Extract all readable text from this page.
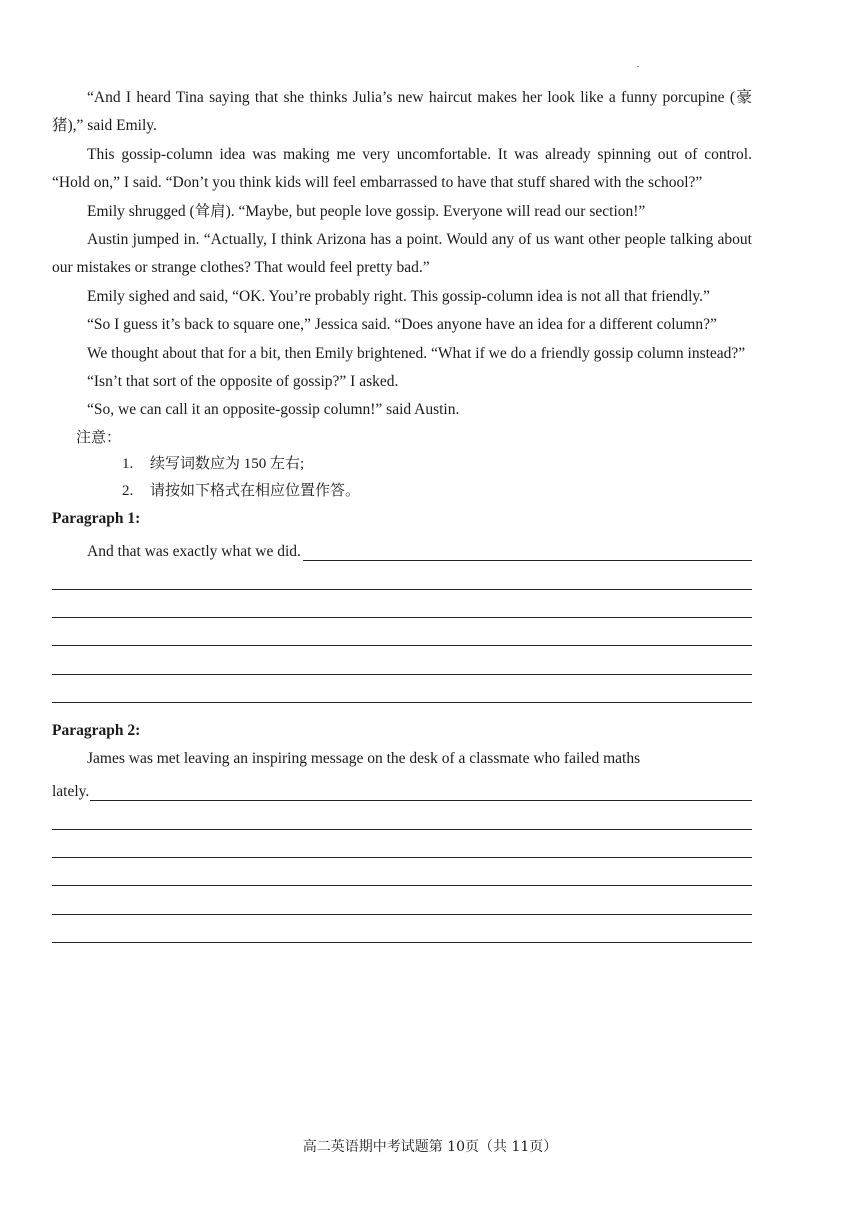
“And I heard Tina saying that she thinks Julia’s new haircut makes her look like a funny porcupine (豪猪),” said Emily.

This gossip-column idea was making me very uncomfortable. It was already spinning out of control. “Hold on,” I said. “Don’t you think kids will feel embarrassed to have that stuff shared with the school?”

Emily shrugged (耸肩). “Maybe, but people love gossip. Everyone will read our section!”

Austin jumped in. “Actually, I think Arizona has a point. Would any of us want other people talking about our mistakes or strange clothes? That would feel pretty bad.”

Emily sighed and said, “OK. You’re probably right. This gossip-column idea is not all that friendly.”

“So I guess it’s back to square one,” Jessica said. “Does anyone have an idea for a different column?”

We thought about that for a bit, then Emily brightened. “What if we do a friendly gossip column instead?”

“Isn’t that sort of the opposite of gossip?” I asked.

“So, we can call it an opposite-gossip column!” said Austin.

注意：

1. 续写词数应为 150 左右;
2. 请按如下格式在相应位置作答。

Paragraph 1:

And that was exactly what we did.

Paragraph 2:

James was met leaving an inspiring message on the desk of a classmate who failed maths

lately.
高二英语期中考试题第 10页（共 11页）
